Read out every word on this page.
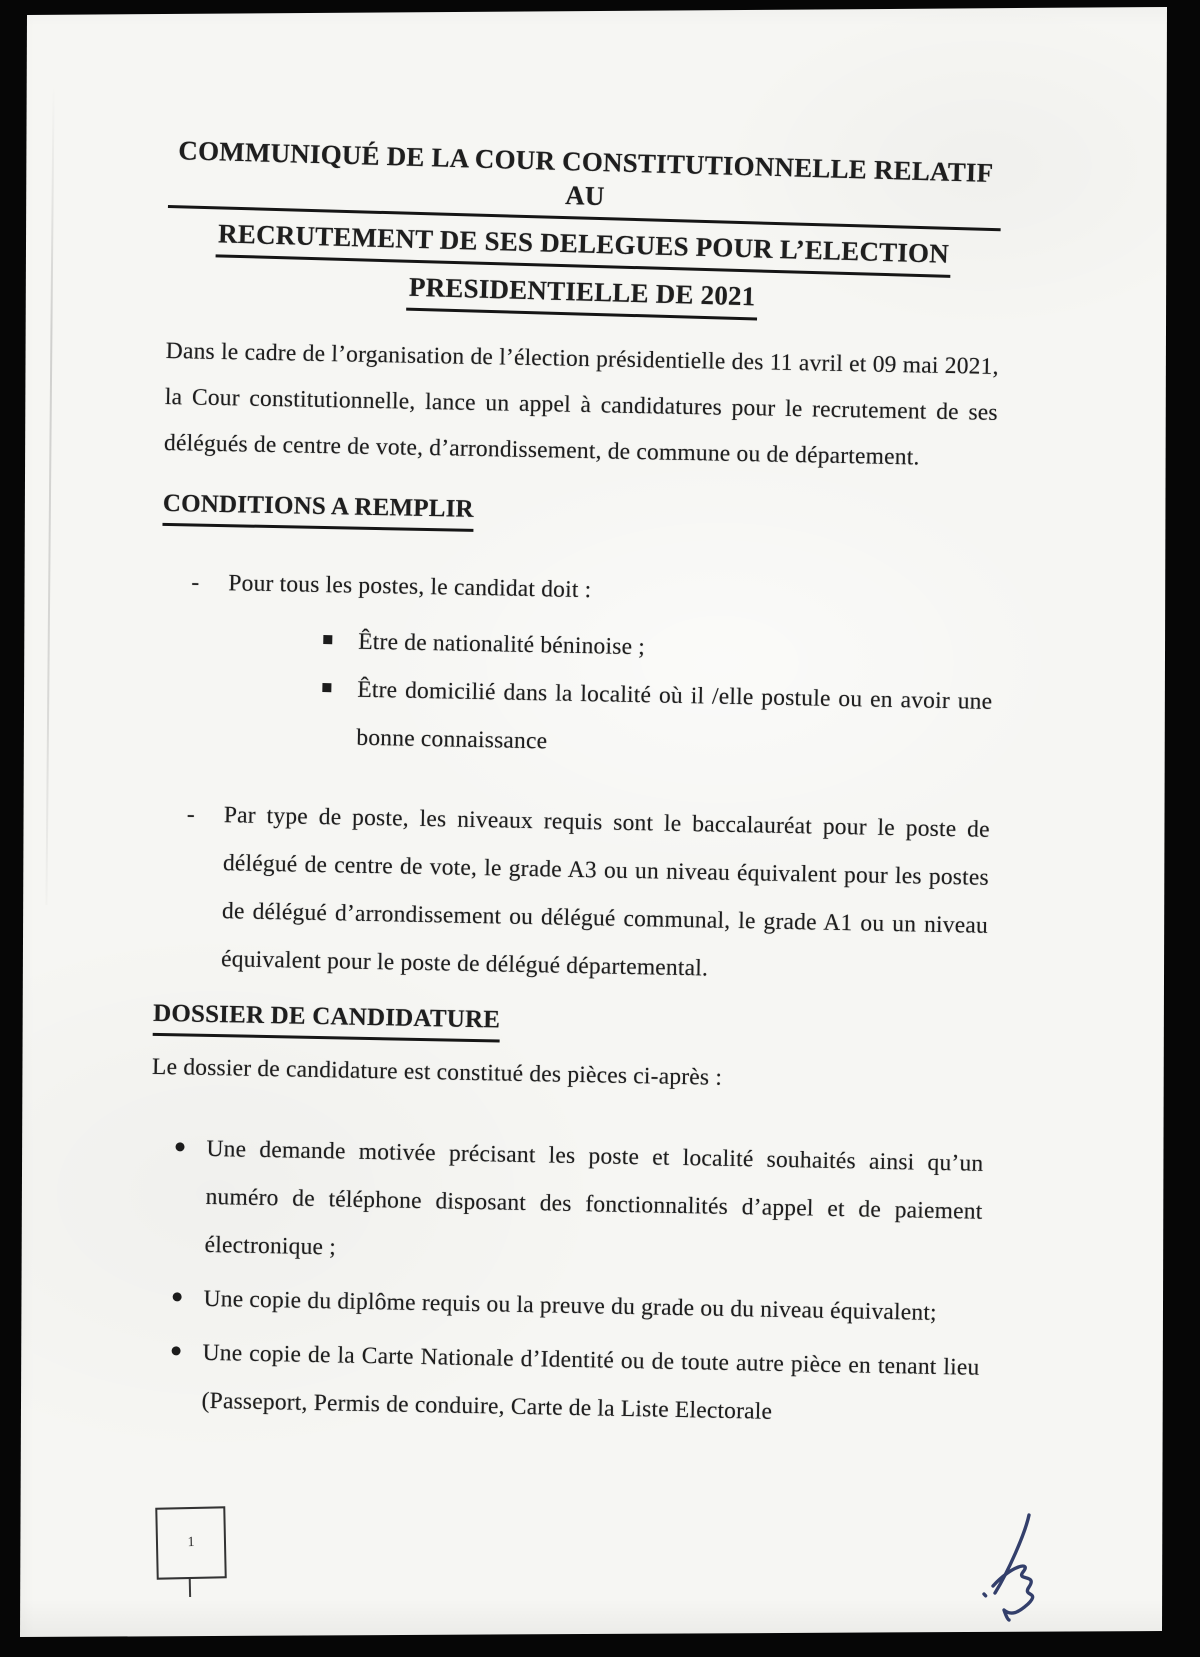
COMMUNIQUÉ DE LA COUR CONSTITUTIONNELLE RELATIF AU
RECRUTEMENT DE SES DELEGUES POUR L’ELECTION
PRESIDENTIELLE DE 2021
Dans le cadre de l’organisation de l’élection présidentielle des 11 avril et 09 mai 2021, la Cour constitutionnelle, lance un appel à candidatures pour le recrutement de ses délégués de centre de vote, d’arrondissement, de commune ou de département.
CONDITIONS A REMPLIR
-	Pour tous les postes, le candidat doit :
Être de nationalité béninoise ;
Être domicilié dans la localité où il /elle postule ou en avoir une bonne connaissance
-	Par type de poste, les niveaux requis sont le baccalauréat pour le poste de délégué de centre de vote, le grade A3 ou un niveau équivalent pour les postes de délégué d’arrondissement ou délégué communal, le grade A1 ou un niveau équivalent pour le poste de délégué départemental.
DOSSIER DE CANDIDATURE
Le dossier de candidature est constitué des pièces ci-après :
Une demande motivée précisant les poste et localité souhaités ainsi qu’un numéro de téléphone disposant des fonctionnalités d’appel et de paiement électronique ;
Une copie du diplôme requis ou la preuve du grade ou du niveau équivalent;
Une copie de la Carte Nationale d’Identité ou de toute autre pièce en tenant lieu (Passeport, Permis de conduire, Carte de la Liste Electorale
1
